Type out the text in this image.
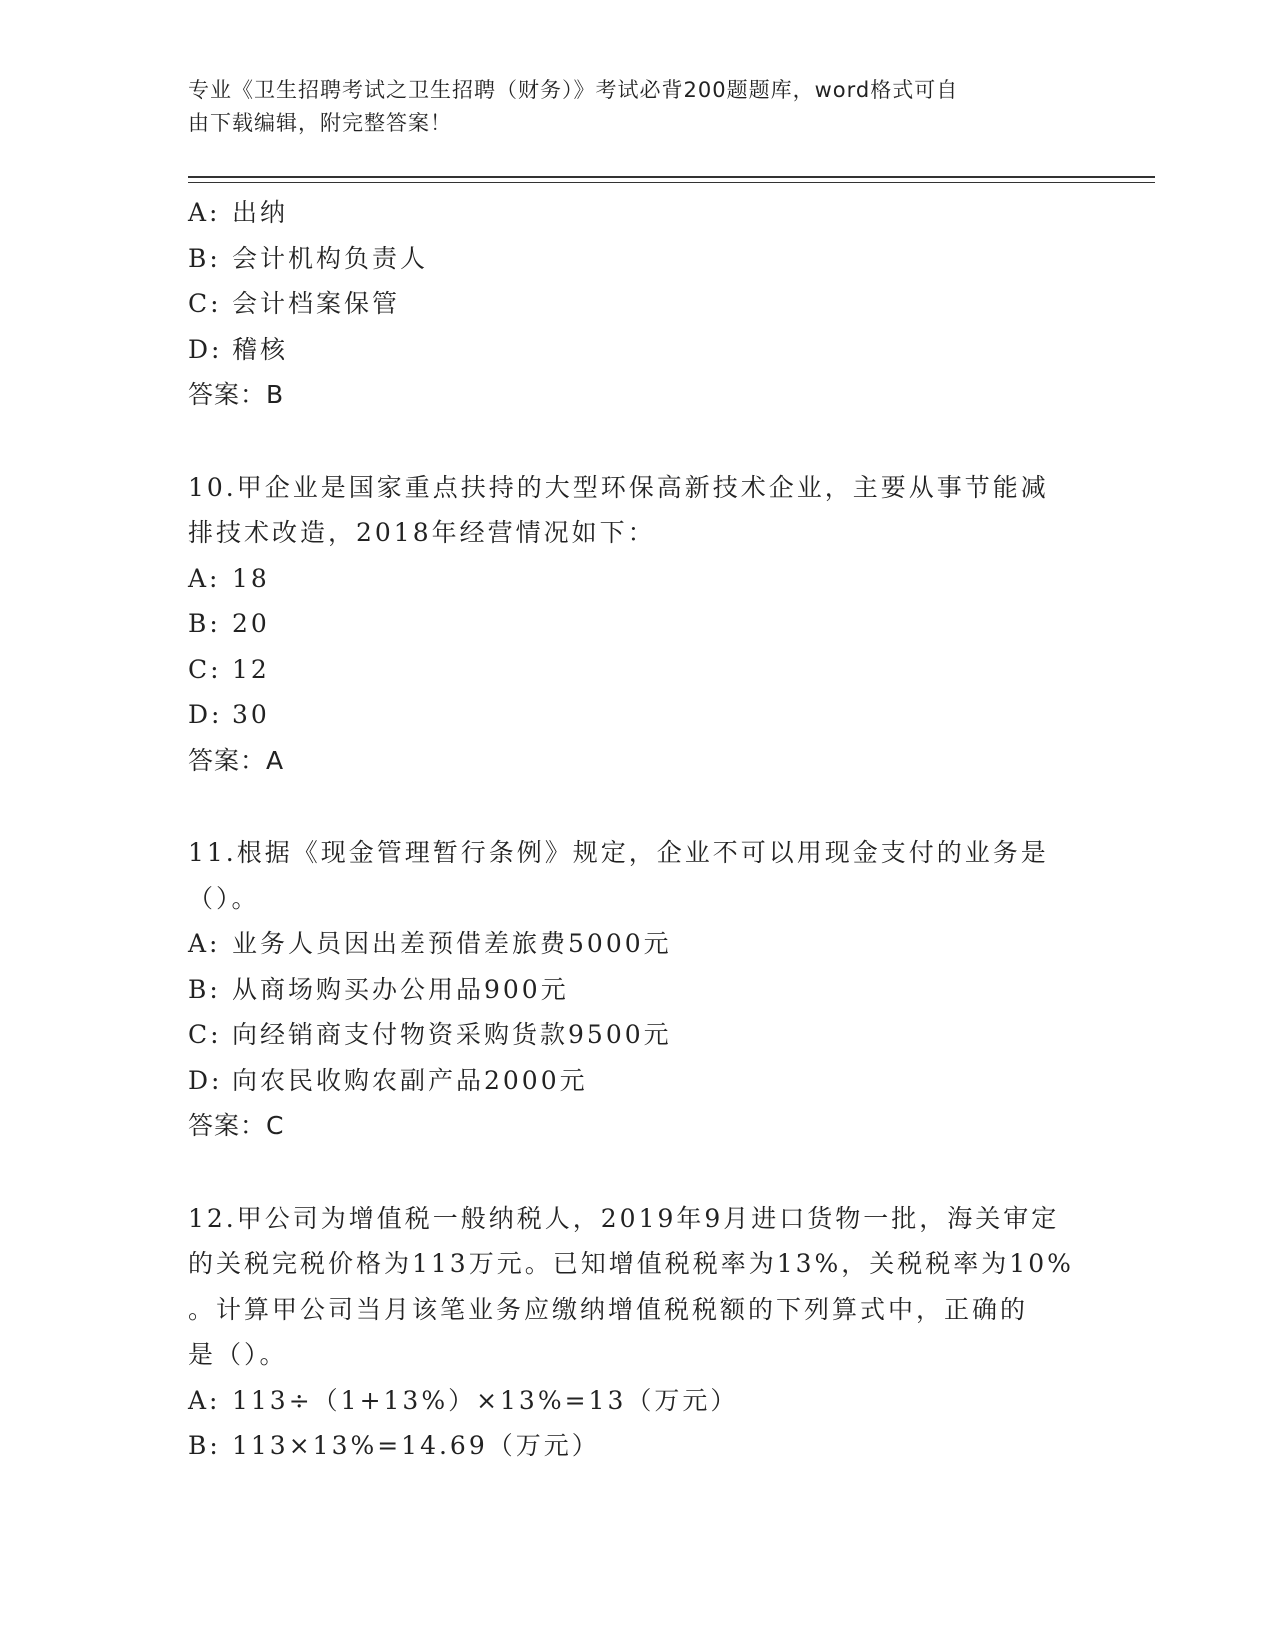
专业《卫生招聘考试之卫生招聘（财务）》考试必背200题题库，word格式可自
由下载编辑，附完整答案！
A: 出纳
B: 会计机构负责人
C: 会计档案保管
D: 稽核
答案：B
10.甲企业是国家重点扶持的大型环保高新技术企业，主要从事节能减
排技术改造，2018年经营情况如下：
A: 18
B: 20
C: 12
D: 30
答案：A
11.根据《现金管理暂行条例》规定，企业不可以用现金支付的业务是
（）。
A: 业务人员因出差预借差旅费5000元
B: 从商场购买办公用品900元
C: 向经销商支付物资采购货款9500元
D: 向农民收购农副产品2000元
答案：C
12.甲公司为增值税一般纳税人，2019年9月进口货物一批，海关审定
的关税完税价格为113万元。已知增值税税率为13%，关税税率为10%
。计算甲公司当月该笔业务应缴纳增值税税额的下列算式中，正确的
是（）。
A: 113÷（1+13%）×13%=13（万元）
B: 113×13%=14.69（万元）
